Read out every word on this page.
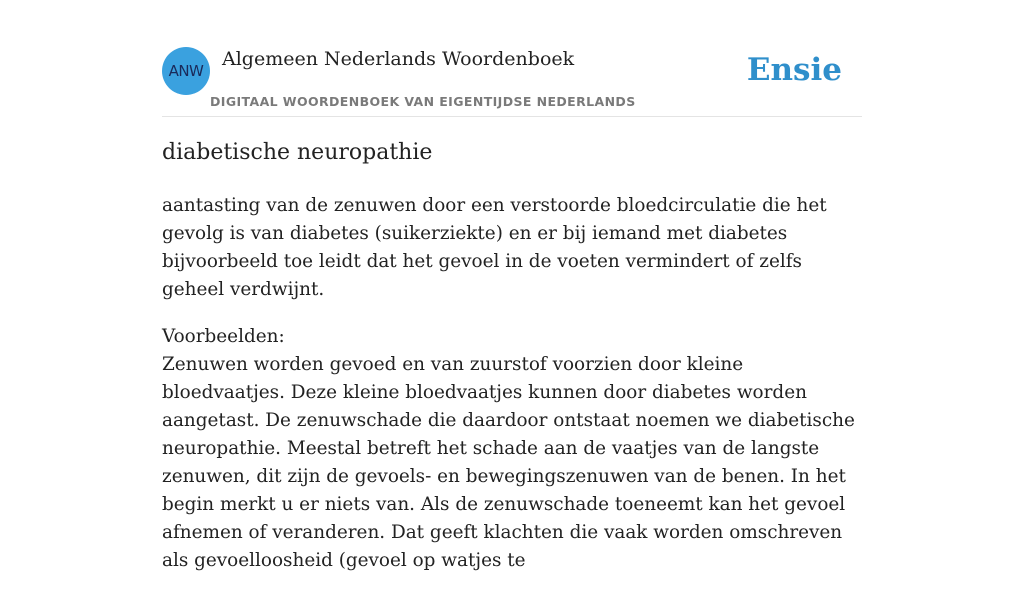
ANW
Algemeen Nederlands Woordenboek
DIGITAAL WOORDENBOEK VAN EIGENTIJDSE NEDERLANDS
Ensie
diabetische neuropathie

aantasting van de zenuwen door een verstoorde bloedcirculatie die het gevolg is van diabetes (suikerziekte) en er bij iemand met diabetes bijvoorbeeld toe leidt dat het gevoel in de voeten vermindert of zelfs geheel verdwijnt.

Voorbeelden:
Zenuwen worden gevoed en van zuurstof voorzien door kleine bloedvaatjes. Deze kleine bloedvaatjes kunnen door diabetes worden aangetast. De zenuwschade die daardoor ontstaat noemen we diabetische neuropathie. Meestal betreft het schade aan de vaatjes van de langste zenuwen, dit zijn de gevoels- en bewegingszenuwen van de benen. In het begin merkt u er niets van. Als de zenuwschade toeneemt kan het gevoel afnemen of veranderen. Dat geeft klachten die vaak worden omschreven als gevoelloosheid (gevoel op watjes te
